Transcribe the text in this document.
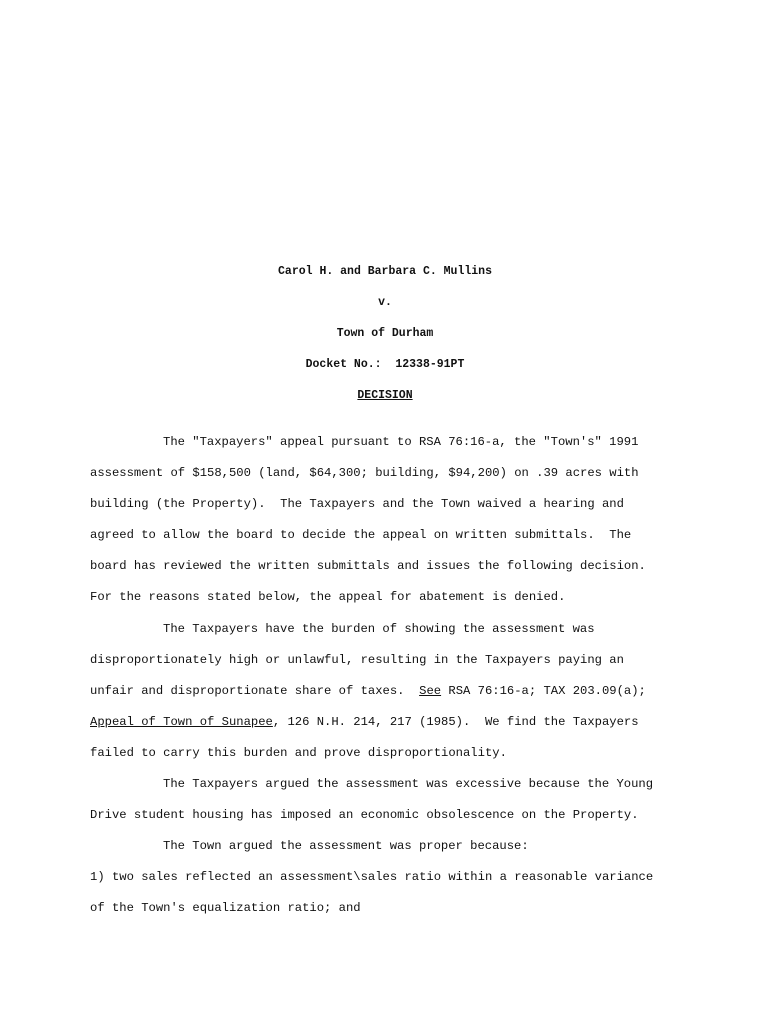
Carol H. and Barbara C. Mullins
v.
Town of Durham
Docket No.:  12338-91PT
DECISION
The "Taxpayers" appeal pursuant to RSA 76:16-a, the "Town's" 1991
assessment of $158,500 (land, $64,300; building, $94,200) on .39 acres with
building (the Property).  The Taxpayers and the Town waived a hearing and
agreed to allow the board to decide the appeal on written submittals.  The
board has reviewed the written submittals and issues the following decision.
For the reasons stated below, the appeal for abatement is denied.
The Taxpayers have the burden of showing the assessment was
disproportionately high or unlawful, resulting in the Taxpayers paying an
unfair and disproportionate share of taxes.  See RSA 76:16-a; TAX 203.09(a);
Appeal of Town of Sunapee, 126 N.H. 214, 217 (1985).  We find the Taxpayers
failed to carry this burden and prove disproportionality.
The Taxpayers argued the assessment was excessive because the Young
Drive student housing has imposed an economic obsolescence on the Property.
The Town argued the assessment was proper because:
1) two sales reflected an assessment\sales ratio within a reasonable variance
of the Town's equalization ratio; and
